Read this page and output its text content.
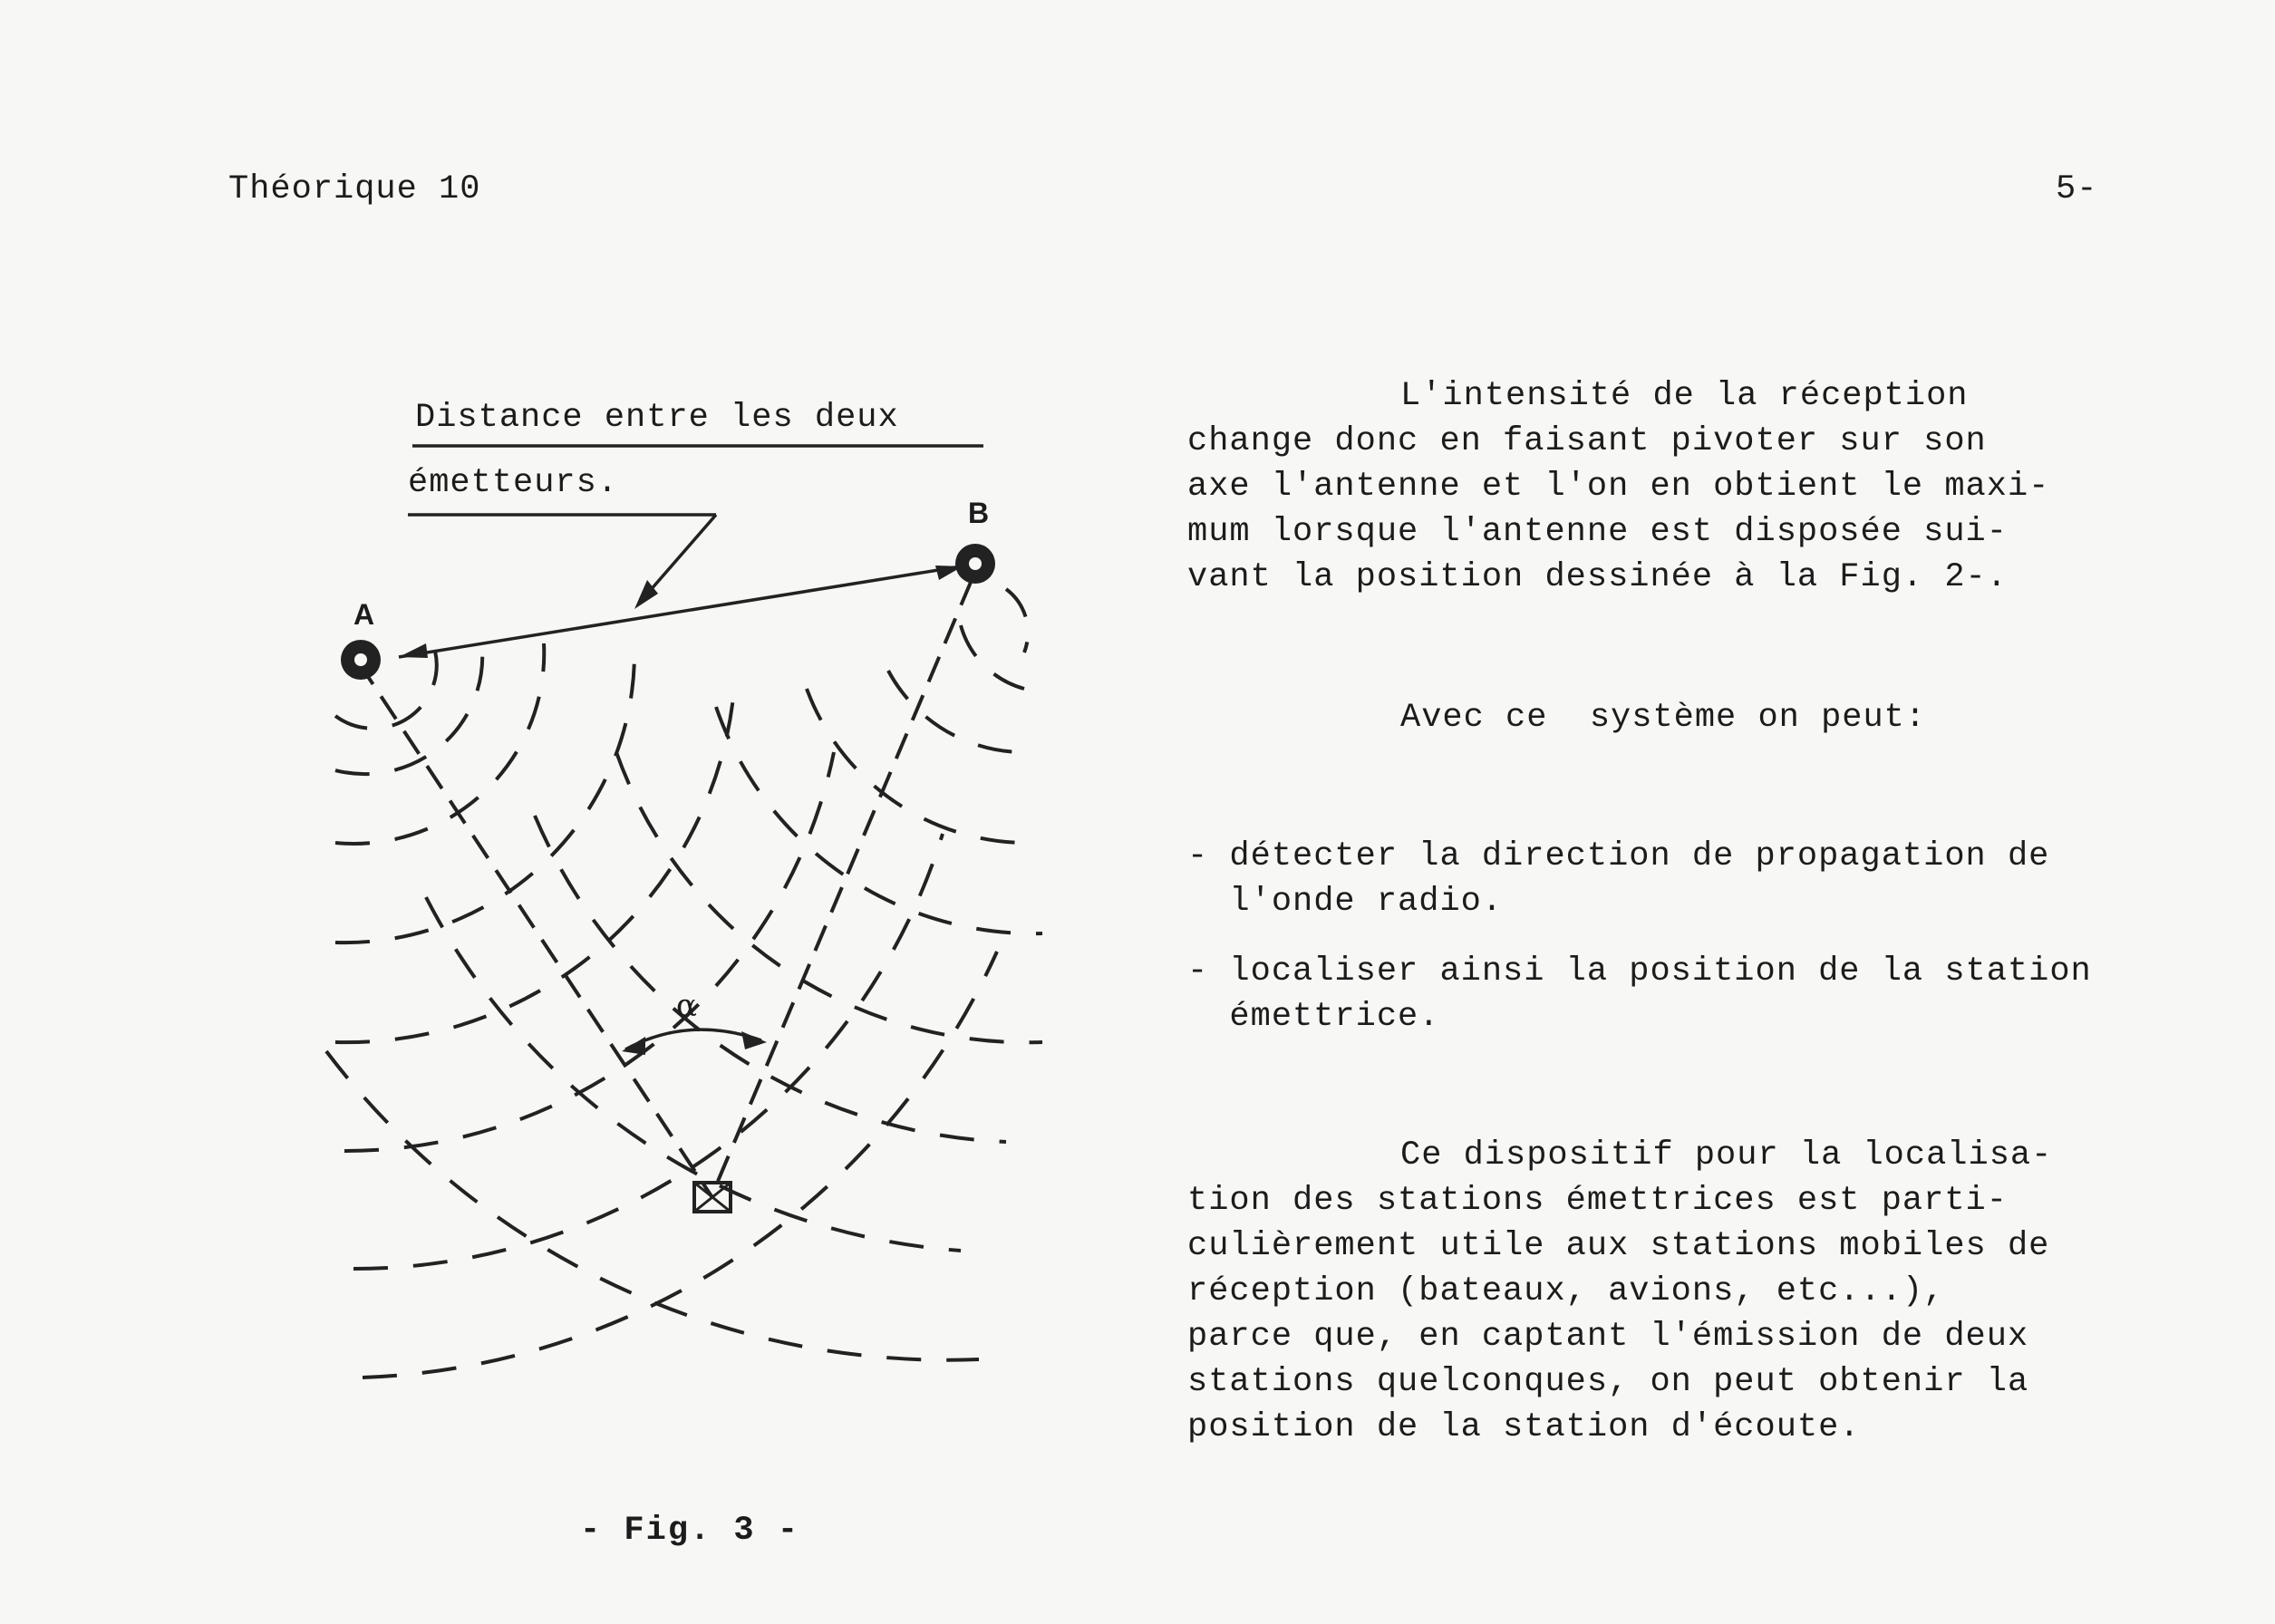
Théorique 10	5-
Distance entre les deux
émetteurs.
A
B
α
- Fig. 3 -

L'intensité de la réception

change donc en faisant pivoter sur son

axe l'antenne et l'on en obtient le maxi-

mum lorsque l'antenne est disposée sui-

vant la position dessinée à la Fig. 2-.

Avec ce  système on peut:

- détecter la direction de propagation de

l'onde radio.

- localiser ainsi la position de la station

émettrice.

Ce dispositif pour la localisa-

tion des stations émettrices est parti-

culièrement utile aux stations mobiles de

réception (bateaux, avions, etc...),

parce que, en captant l'émission de deux

stations quelconques, on peut obtenir la

position de la station d'écoute.
